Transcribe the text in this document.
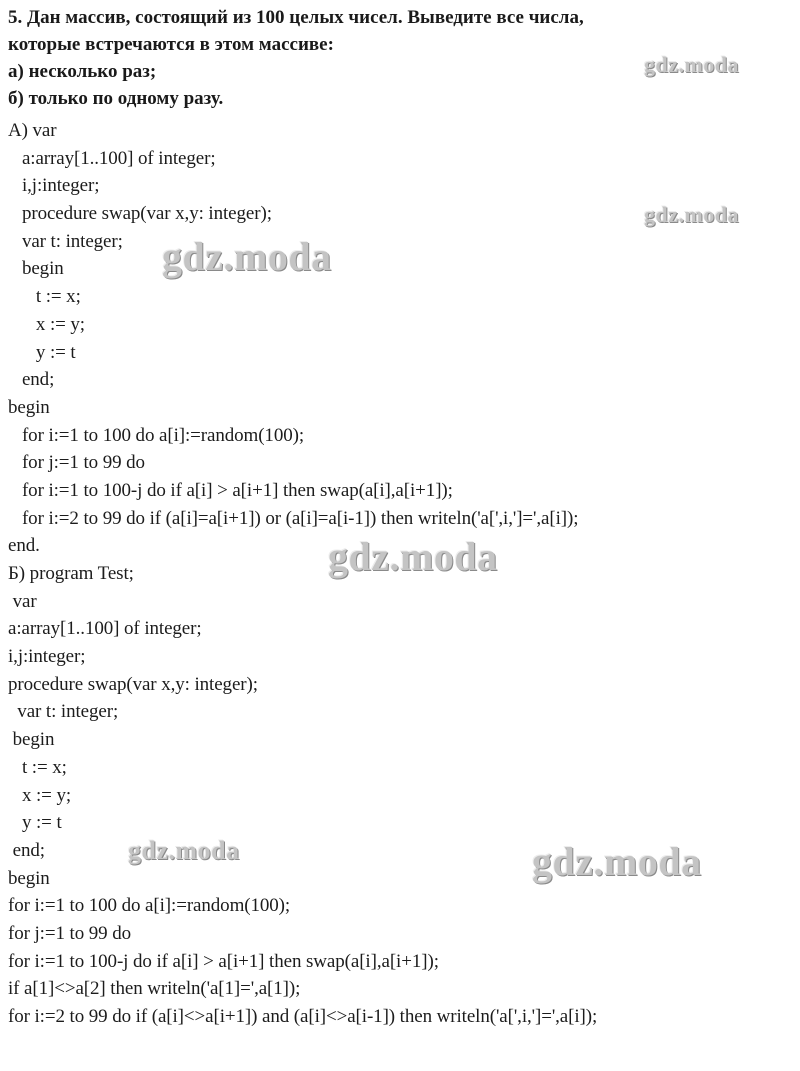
5. Дан массив, состоящий из 100 целых чисел. Выведите все числа,
которые встречаются в этом массиве:
а) несколько раз;
б) только по одному разу.
A) var
a:array[1..100] of integer;
i,j:integer;
procedure swap(var x,y: integer);
var t: integer;
begin
t := x;
x := y;
y := t
end;
begin
for i:=1 to 100 do a[i]:=random(100);
for j:=1 to 99 do
for i:=1 to 100-j do if a[i] > a[i+1] then swap(a[i],a[i+1]);
for i:=2 to 99 do if (a[i]=a[i+1]) or (a[i]=a[i-1]) then writeln('a[',i,']=',a[i]);
end.
Б) program Test;
var
a:array[1..100] of integer;
i,j:integer;
procedure swap(var x,y: integer);
var t: integer;
begin
t := x;
x := y;
y := t
end;
begin
for i:=1 to 100 do a[i]:=random(100);
for j:=1 to 99 do
for i:=1 to 100-j do if a[i] > a[i+1] then swap(a[i],a[i+1]);
if a[1]<>a[2] then writeln('a[1]=',a[1]);
for i:=2 to 99 do if (a[i]<>a[i+1]) and (a[i]<>a[i-1]) then writeln('a[',i,']=',a[i]);
gdz.moda
gdz.moda
gdz.moda
gdz.moda
gdz.moda	gdz.moda
